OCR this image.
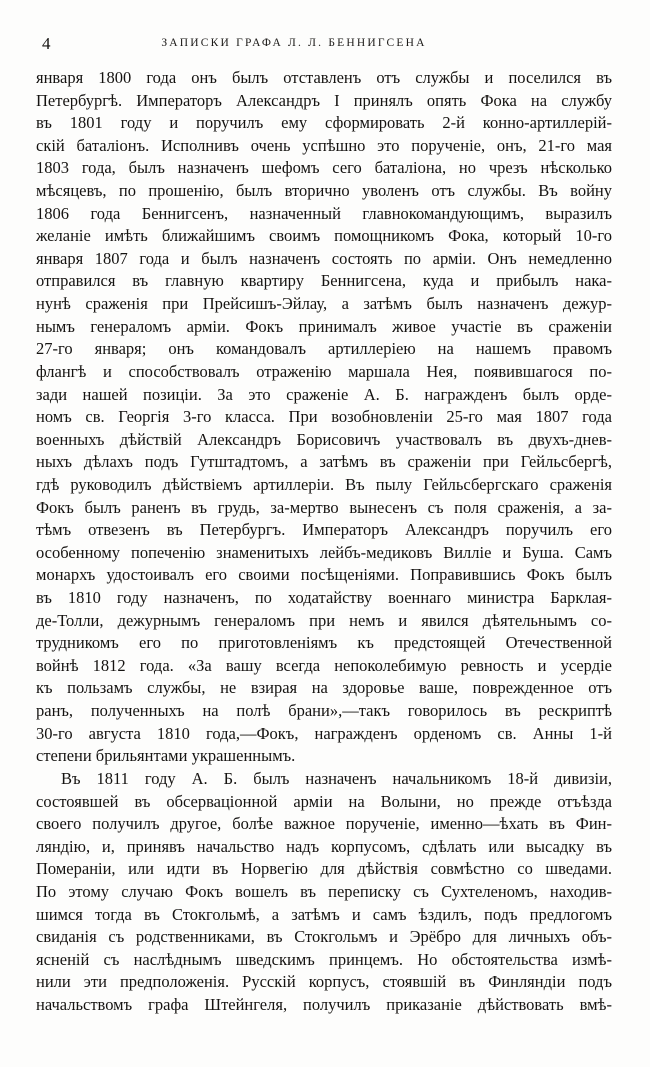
4	ЗАПИСКИ ГРАФА Л. Л. БЕННИГСЕНА
января 1800 года онъ былъ отставленъ отъ службы и поселился въ
Петербургѣ. Императоръ Александръ I принялъ опять Фока на службу
въ 1801 году и поручилъ ему сформировать 2-й конно-артиллерій-
скій баталіонъ. Исполнивъ очень успѣшно это порученіе, онъ, 21-го мая
1803 года, былъ назначенъ шефомъ сего баталіона, но чрезъ нѣсколько
мѣсяцевъ, по прошенію, былъ вторично уволенъ отъ службы. Въ войну
1806 года Беннигсенъ, назначенный главнокомандующимъ, выразилъ
желаніе имѣть ближайшимъ своимъ помощникомъ Фока, который 10-го
января 1807 года и былъ назначенъ состоять по арміи. Онъ немедленно
отправился въ главную квартиру Беннигсена, куда и прибылъ нака-
нунѣ сраженія при Прейсишъ-Эйлау, а затѣмъ былъ назначенъ дежур-
нымъ генераломъ арміи. Фокъ принималъ живое участіе въ сраженіи
27-го января; онъ командовалъ артиллеріею на нашемъ правомъ
флангѣ и способствовалъ отраженію маршала Нея, появившагося по-
зади нашей позиціи. За это сраженіе А. Б. награжденъ былъ орде-
номъ св. Георгія 3-го класса. При возобновленіи 25-го мая 1807 года
военныхъ дѣйствій Александръ Борисовичъ участвовалъ въ двухъ-днев-
ныхъ дѣлахъ подъ Гутштадтомъ, а затѣмъ въ сраженіи при Гейльсбергѣ,
гдѣ руководилъ дѣйствіемъ артиллеріи. Въ пылу Гейльсбергскаго сраженія
Фокъ былъ раненъ въ грудь, за-мертво вынесенъ съ поля сраженія, а за-
тѣмъ отвезенъ въ Петербургъ. Императоръ Александръ поручилъ его
особенному попеченію знаменитыхъ лейбъ-медиковъ Вилліе и Буша. Самъ
монархъ удостоивалъ его своими посѣщеніями. Поправившись Фокъ былъ
въ 1810 году назначенъ, по ходатайству военнаго министра Барклая-
де-Толли, дежурнымъ генераломъ при немъ и явился дѣятельнымъ со-
трудникомъ его по приготовленіямъ къ предстоящей Отечественной
войнѣ 1812 года. «За вашу всегда непоколебимую ревность и усердіе
къ пользамъ службы, не взирая на здоровье ваше, поврежденное отъ
ранъ, полученныхъ на полѣ брани»,—такъ говорилось въ рескриптѣ
30-го августа 1810 года,—Фокъ, награжденъ орденомъ св. Анны 1-й
степени брильянтами украшеннымъ.
Въ 1811 году А. Б. былъ назначенъ начальникомъ 18-й дивизіи,
состоявшей въ обсерваціонной арміи на Волыни, но прежде отъѣзда
своего получилъ другое, болѣе важное порученіе, именно—ѣхать въ Фин-
ляндію, и, принявъ начальство надъ корпусомъ, сдѣлать или высадку въ
Помераніи, или идти въ Норвегію для дѣйствія совмѣстно со шведами.
По этому случаю Фокъ вошелъ въ переписку съ Сухтеленомъ, находив-
шимся тогда въ Стокгольмѣ, а затѣмъ и самъ ѣздилъ, подъ предлогомъ
свиданія съ родственниками, въ Стокгольмъ и Эрёбро для личныхъ объ-
ясненій съ наслѣднымъ шведскимъ принцемъ. Но обстоятельства измѣ-
нили эти предположенія. Русскій корпусъ, стоявшій въ Финляндіи подъ
начальствомъ графа Штейнгеля, получилъ приказаніе дѣйствовать вмѣ-
